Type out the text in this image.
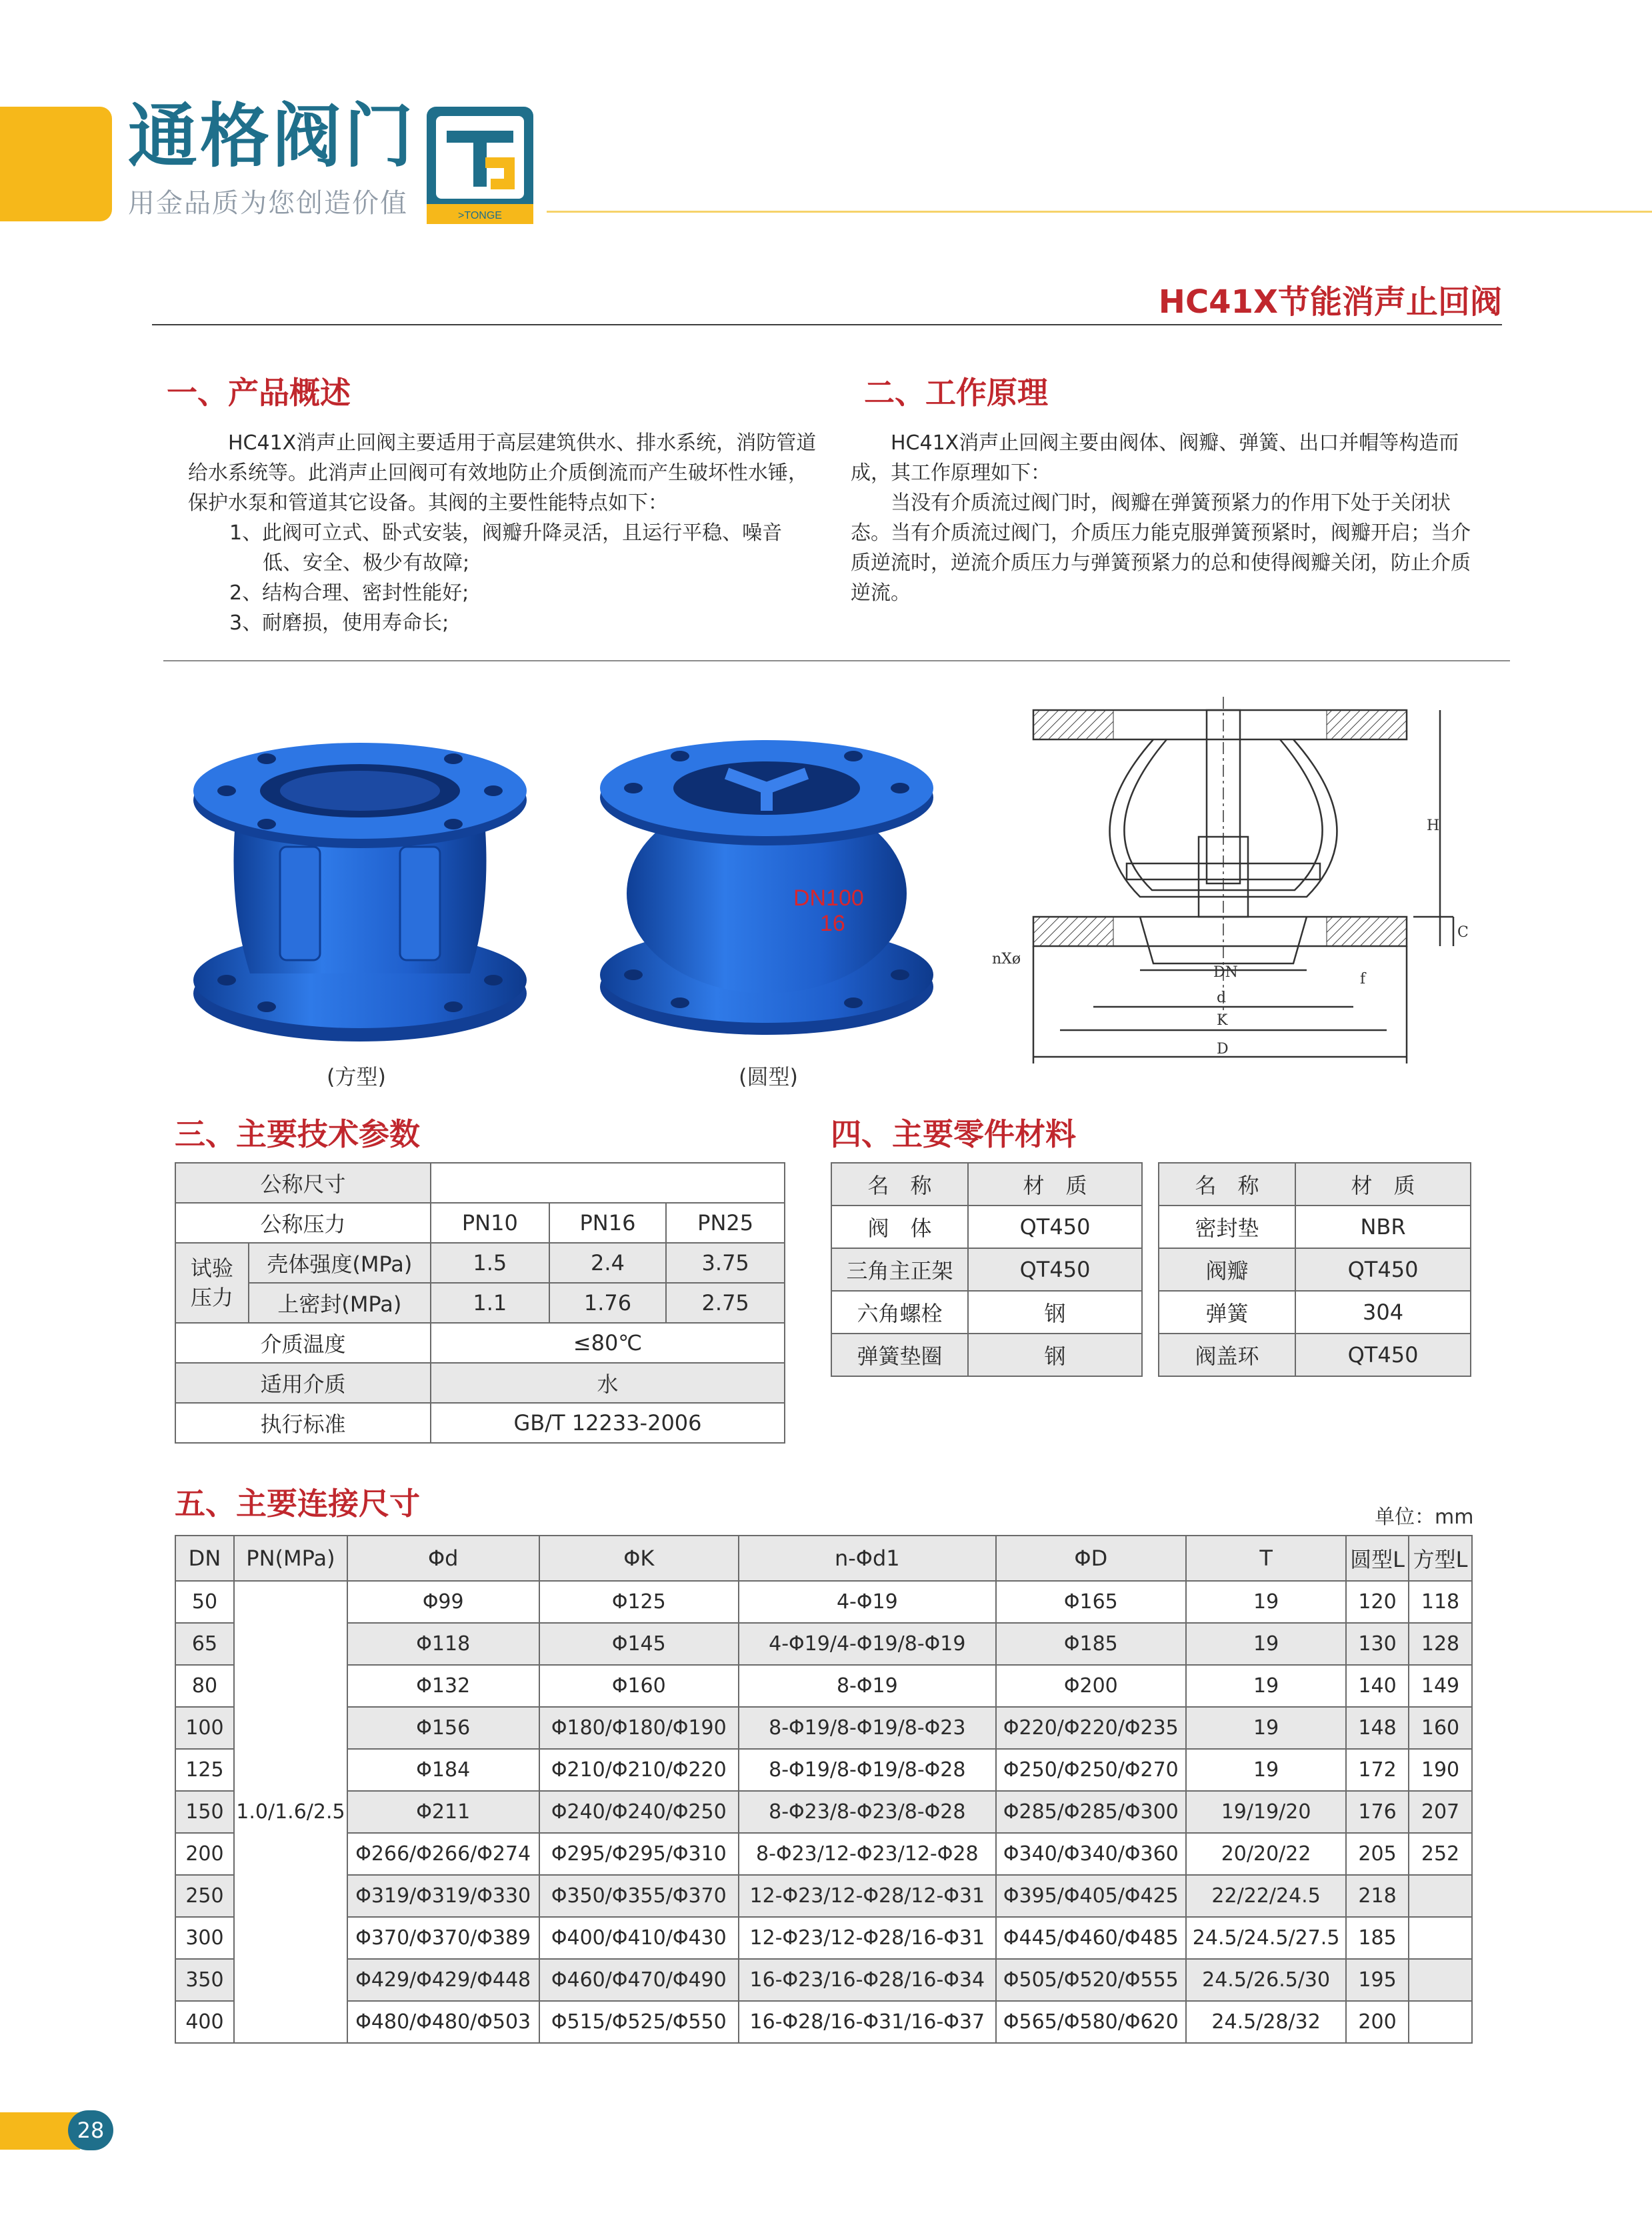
通格阀门
用金品质为您创造价值	>TONGE
HC41X节能消声止回阀
一、产品概述
HC41X消声止回阀主要适用于高层建筑供水、排水系统，消防管道
给水系统等。此消声止回阀可有效地防止介质倒流而产生破坏性水锤，
保护水泵和管道其它设备。其阀的主要性能特点如下：
1、此阀可立式、卧式安装，阀瓣升降灵活，且运行平稳、噪音
低、安全、极少有故障;
2、结构合理、密封性能好;
3、耐磨损，使用寿命长;
二、工作原理
HC41X消声止回阀主要由阀体、阀瓣、弹簧、出口并帽等构造而
成，其工作原理如下：
当没有介质流过阀门时，阀瓣在弹簧预紧力的作用下处于关闭状
态。当有介质流过阀门，介质压力能克服弹簧预紧时，阀瓣开启；当介
质逆流时，逆流介质压力与弹簧预紧力的总和使得阀瓣关闭，防止介质
逆流。
(方型)
DN100
16
(圆型)
H
C
f
DN
d
K
D
nXø
三、主要技术参数
公称尺寸				
公称压力		PN10	PN16	PN25

试验
压力	壳体强度(MPa)	1.5	2.4	3.75
	上密封(MPa)	1.1	1.76	2.75
介质温度		≤80℃		
适用介质		水		
执行标准		GB/T 12233-2006		
四、主要零件材料
名　称	材　质
阀　体	QT450
三角主正架	QT450
六角螺栓	钢
弹簧垫圈	钢
名　称	材　质
密封垫	NBR
阀瓣	QT450
弹簧	304
阀盖环	QT450
五、主要连接尺寸	单位：mm
DN	PN(MPa)	Φd	ΦK	n-Φd1	ΦD	T	圆型L	方型L
50	1.0/1.6/2.5	Φ99	Φ125	4-Φ19	Φ165	19	120	118
65		Φ118	Φ145	4-Φ19/4-Φ19/8-Φ19	Φ185	19	130	128
80		Φ132	Φ160	8-Φ19	Φ200	19	140	149
100		Φ156	Φ180/Φ180/Φ190	8-Φ19/8-Φ19/8-Φ23	Φ220/Φ220/Φ235	19	148	160
125		Φ184	Φ210/Φ210/Φ220	8-Φ19/8-Φ19/8-Φ28	Φ250/Φ250/Φ270	19	172	190
150		Φ211	Φ240/Φ240/Φ250	8-Φ23/8-Φ23/8-Φ28	Φ285/Φ285/Φ300	19/19/20	176	207
200		Φ266/Φ266/Φ274	Φ295/Φ295/Φ310	8-Φ23/12-Φ23/12-Φ28	Φ340/Φ340/Φ360	20/20/22	205	252
250		Φ319/Φ319/Φ330	Φ350/Φ355/Φ370	12-Φ23/12-Φ28/12-Φ31	Φ395/Φ405/Φ425	22/22/24.5	218	
300		Φ370/Φ370/Φ389	Φ400/Φ410/Φ430	12-Φ23/12-Φ28/16-Φ31	Φ445/Φ460/Φ485	24.5/24.5/27.5	185	
350		Φ429/Φ429/Φ448	Φ460/Φ470/Φ490	16-Φ23/16-Φ28/16-Φ34	Φ505/Φ520/Φ555	24.5/26.5/30	195	
400		Φ480/Φ480/Φ503	Φ515/Φ525/Φ550	16-Φ28/16-Φ31/16-Φ37	Φ565/Φ580/Φ620	24.5/28/32	200	
28
